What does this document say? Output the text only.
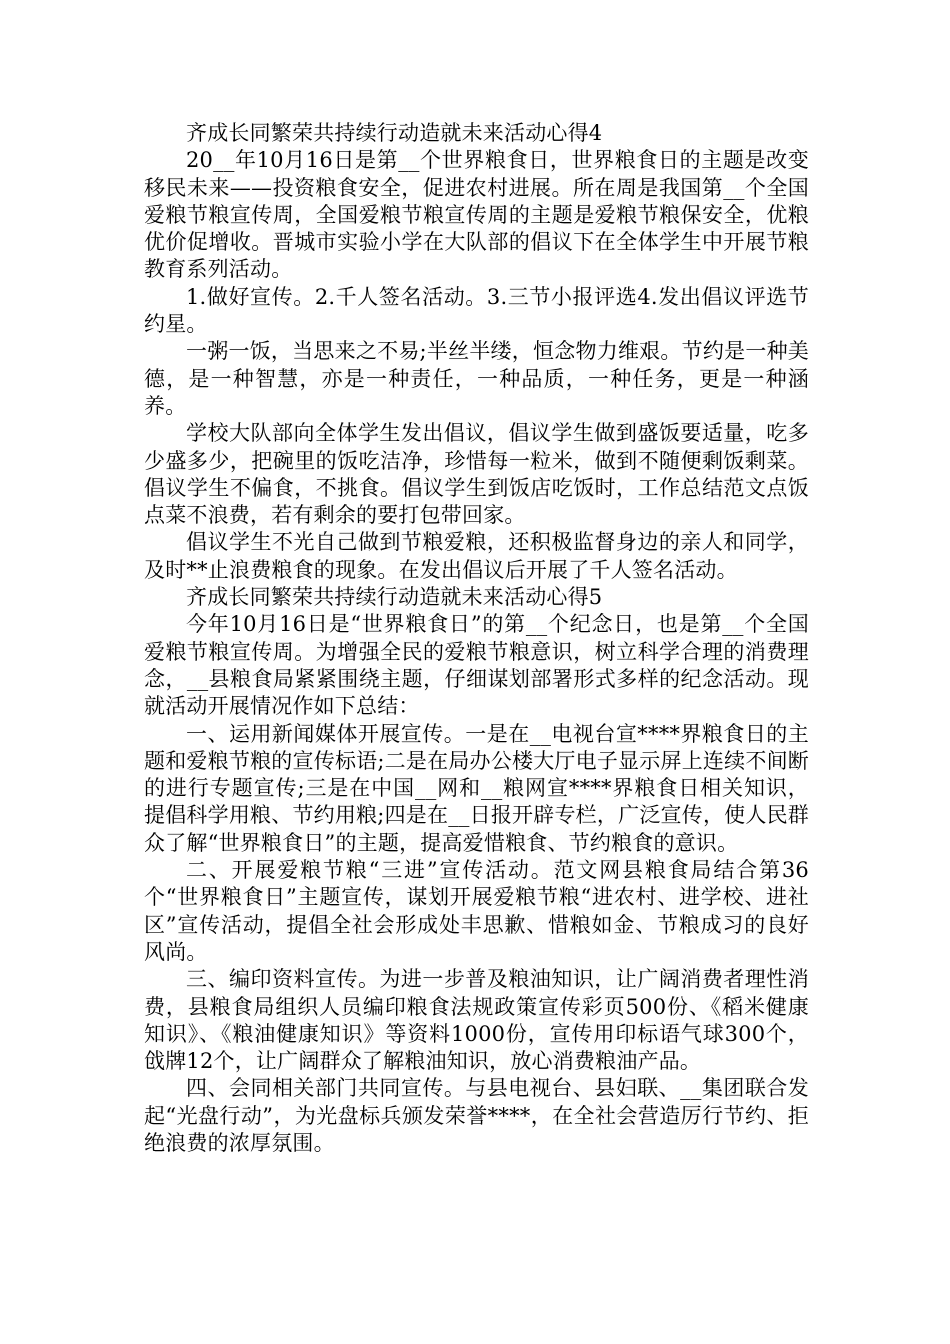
齐成长同繁荣共持续行动造就未来活动心得4

20__年10月16日是第__个世界粮食日，世界粮食日的主题是改变移民未来——投资粮食安全，促进农村进展。所在周是我国第__个全国爱粮节粮宣传周，全国爱粮节粮宣传周的主题是爱粮节粮保安全，优粮优价促增收。晋城市实验小学在大队部的倡议下在全体学生中开展节粮教育系列活动。

1.做好宣传。2.千人签名活动。3.三节小报评选4.发出倡议评选节约星。

一粥一饭，当思来之不易;半丝半缕，恒念物力维艰。节约是一种美德，是一种智慧，亦是一种责任，一种品质，一种任务，更是一种涵养。

学校大队部向全体学生发出倡议，倡议学生做到盛饭要适量，吃多少盛多少，把碗里的饭吃洁净，珍惜每一粒米，做到不随便剩饭剩菜。倡议学生不偏食，不挑食。倡议学生到饭店吃饭时，工作总结范文点饭点菜不浪费，若有剩余的要打包带回家。

倡议学生不光自己做到节粮爱粮，还积极监督身边的亲人和同学，及时**止浪费粮食的现象。在发出倡议后开展了千人签名活动。

齐成长同繁荣共持续行动造就未来活动心得5

今年10月16日是“世界粮食日”的第__个纪念日，也是第__个全国爱粮节粮宣传周。为增强全民的爱粮节粮意识，树立科学合理的消费理念，__县粮食局紧紧围绕主题，仔细谋划部署形式多样的纪念活动。现就活动开展情况作如下总结：

一、运用新闻媒体开展宣传。一是在__电视台宣****界粮食日的主题和爱粮节粮的宣传标语;二是在局办公楼大厅电子显示屏上连续不间断的进行专题宣传;三是在中国__网和__粮网宣****界粮食日相关知识，提倡科学用粮、节约用粮;四是在__日报开辟专栏，广泛宣传，使人民群众了解“世界粮食日”的主题，提高爱惜粮食、节约粮食的意识。

二、开展爱粮节粮“三进”宣传活动。范文网县粮食局结合第36个“世界粮食日”主题宣传，谋划开展爱粮节粮“进农村、进学校、进社区”宣传活动，提倡全社会形成处丰思歉、惜粮如金、节粮成习的良好风尚。

三、编印资料宣传。为进一步普及粮油知识，让广阔消费者理性消费，县粮食局组织人员编印粮食法规政策宣传彩页500份、《稻米健康知识》、《粮油健康知识》等资料1000份，宣传用印标语气球300个，戗牌12个，让广阔群众了解粮油知识，放心消费粮油产品。

四、会同相关部门共同宣传。与县电视台、县妇联、__集团联合发起“光盘行动”，为光盘标兵颁发荣誉****，在全社会营造厉行节约、拒绝浪费的浓厚氛围。
